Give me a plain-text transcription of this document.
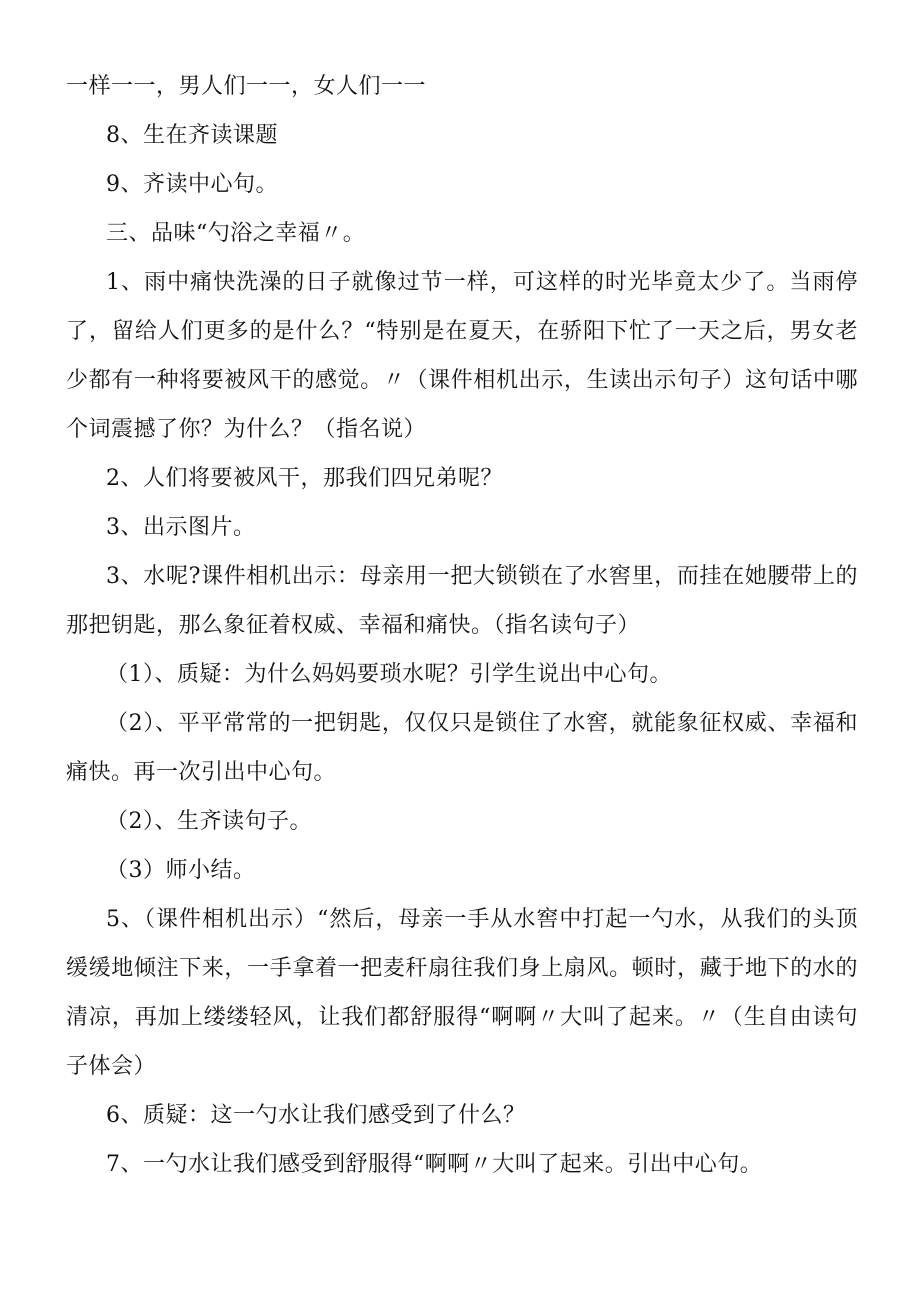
一样一一，男人们一一，女人们一一

8、生在齐读课题

9、齐读中心句。

三、品味“勺浴之幸福〃。

1、雨中痛快洗澡的日子就像过节一样，可这样的时光毕竟太少了。当雨停了，留给人们更多的是什么？“特别是在夏天，在骄阳下忙了一天之后，男女老少都有一种将要被风干的感觉。〃（课件相机出示，生读出示句子）这句话中哪个词震撼了你？为什么？（指名说）

2、人们将要被风干，那我们四兄弟呢？

3、出示图片。

3、水呢?课件相机出示：母亲用一把大锁锁在了水窖里，而挂在她腰带上的那把钥匙，那么象征着权威、幸福和痛快。（指名读句子）

（1）、质疑：为什么妈妈要琐水呢？引学生说出中心句。

（2）、平平常常的一把钥匙，仅仅只是锁住了水窖，就能象征权威、幸福和痛快。再一次引出中心句。

（2）、生齐读句子。

（3）师小结。

5、（课件相机出示）“然后，母亲一手从水窖中打起一勺水，从我们的头顶缓缓地倾注下来，一手拿着一把麦秆扇往我们身上扇风。顿时，藏于地下的水的清凉，再加上缕缕轻风，让我们都舒服得“啊啊〃大叫了起来。〃（生自由读句子体会）

6、质疑：这一勺水让我们感受到了什么？

7、一勺水让我们感受到舒服得“啊啊〃大叫了起来。引出中心句。
